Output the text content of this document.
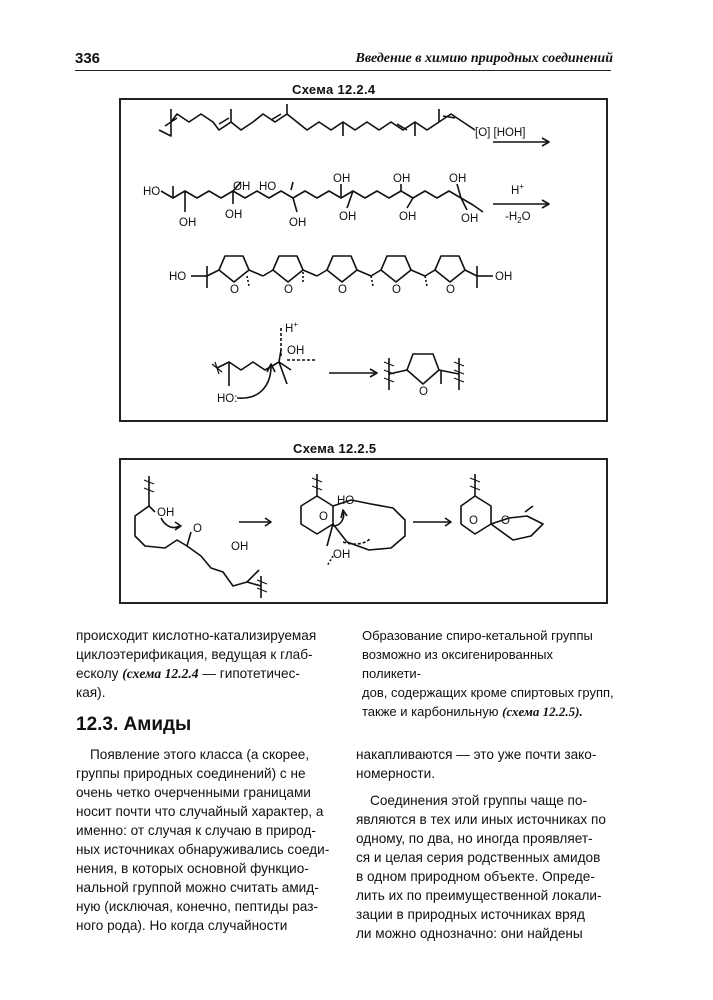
336	Введение в химию природных соединений
Схема 12.2.4
[O] [HOH]
H+
$-H_2O$
HO
OH
OH
OH
HO
OH
OH
OH
OH
OH
OH
OH
HO	OH
O	O	O	O	O
H+
OH
HO:
O
Схема 12.2.5
OH
O
OH
HO
O
OH
O O

происходит кислотно-катализируемая

циклоэтерификация, ведущая к глаб-

есколу (схема 12.2.4 — гипотетичес-

кая).

Образование спиро-кетальной группы

возможно из оксигенированных поликети-

дов, содержащих кроме спиртовых групп,

также и карбонильную (схема 12.2.5).

12.3. Амиды

Появление этого класса (а скорее,

группы природных соединений) с не

очень четко очерченными границами

носит почти что случайный характер, а

именно: от случая к случаю в природ-

ных источниках обнаруживались соеди-

нения, в которых основной функцио-

нальной группой можно считать амид-

ную (исключая, конечно, пептиды раз-

ного рода). Но когда случайности

накапливаются — это уже почти зако-

номерности.

Соединения этой группы чаще по-

являются в тех или иных источниках по

одному, по два, но иногда проявляет-

ся и целая серия родственных амидов

в одном природном объекте. Опреде-

лить их по преимущественной локали-

зации в природных источниках вряд

ли можно однозначно: они найдены
